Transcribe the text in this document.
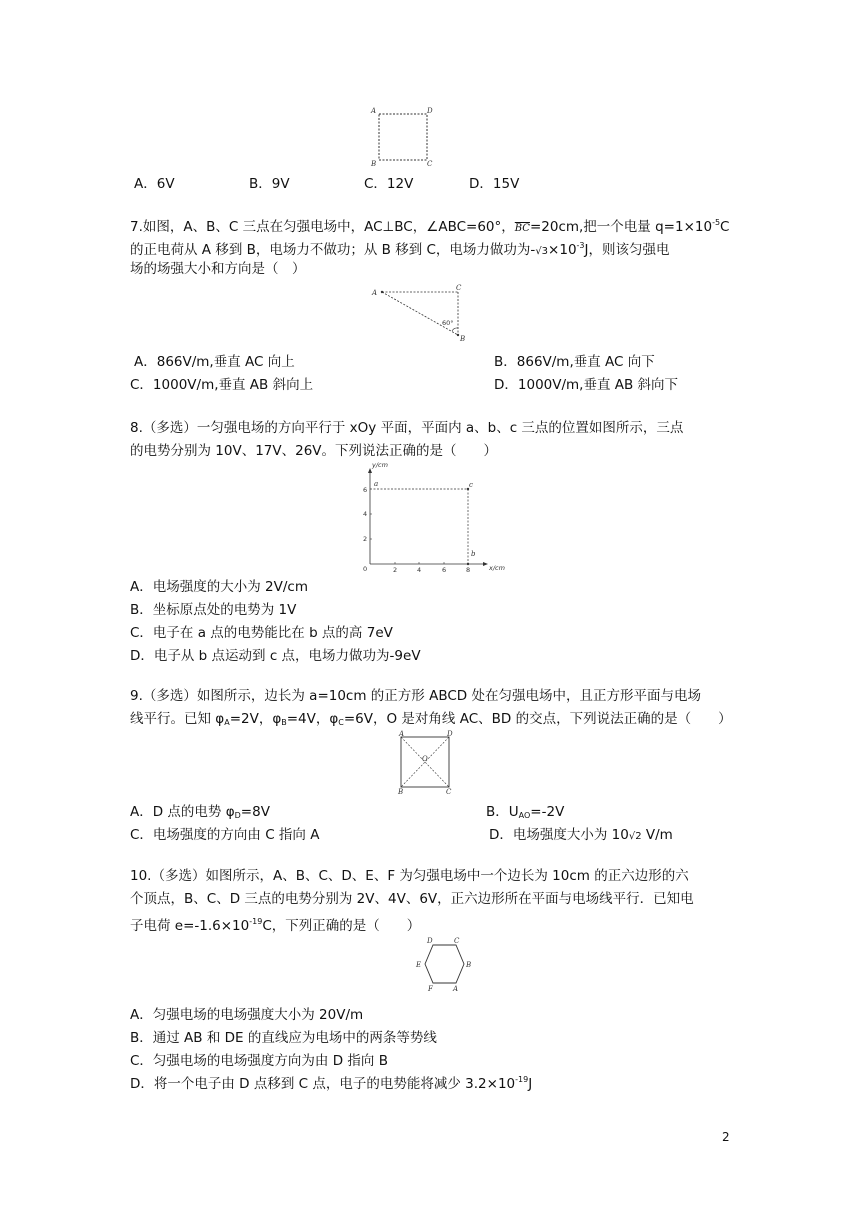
A	D
B	C
A．6V	B．9V	C．12V	D．15V
7.如图，A、B、C 三点在匀强电场中，AC⊥BC，∠ABC=60°，$\overline{BC}=20cm$,把一个电量 $q=1\times 10^{-5}C$
的正电荷从 A 移到 B，电场力不做功；从 B 移到 C，电场力做功为$-√3\times 10^{-3}J$，则该匀强电
场的场强大小和方向是（　）
A
C
60°
B
A．866V/m,垂直 AC 向上	B．866V/m,垂直 AC 向下
C．1000V/m,垂直 AB 斜向上	D．1000V/m,垂直 AB 斜向下
8.（多选）一匀强电场的方向平行于 xOy 平面，平面内 a、b、c 三点的位置如图所示，三点
的电势分别为 10V、17V、26V。下列说法正确的是（　　）
y/cm
x/cm
0
2
4
6
2	4	6	8
a	c
b
A．电场强度的大小为 2V/cm
B．坐标原点处的电势为 1V
C．电子在 a 点的电势能比在 b 点的高 7eV
D．电子从 b 点运动到 c 点，电场力做功为-9eV
9.（多选）如图所示，边长为 a=10cm 的正方形 ABCD 处在匀强电场中，且正方形平面与电场
线平行。已知 $\varphi_A=2V$，$\varphi_B=4V$，$\varphi_C=6V$，O 是对角线 AC、BD 的交点，下列说法正确的是（　　）
A	D
O
B	C
A．D 点的电势 $\varphi_D=8V$	B．$U_{AO}=-2V$
C．电场强度的方向由 C 指向 A	D．电场强度大小为 10√2 V/m
10.（多选）如图所示，A、B、C、D、E、F 为匀强电场中一个边长为 10cm 的正六边形的六
个顶点，B、C、D 三点的电势分别为 2V、4V、6V，正六边形所在平面与电场线平行．已知电
子电荷 $e=-1.6\times 10^{-19}C$，下列正确的是（　　）
D	C
E	B
F	A
A．匀强电场的电场强度大小为 20V/m
B．通过 AB 和 DE 的直线应为电场中的两条等势线
C．匀强电场的电场强度方向为由 D 指向 B
D．将一个电子由 D 点移到 C 点，电子的电势能将减少 $3.2\times 10^{-19}J$
2
